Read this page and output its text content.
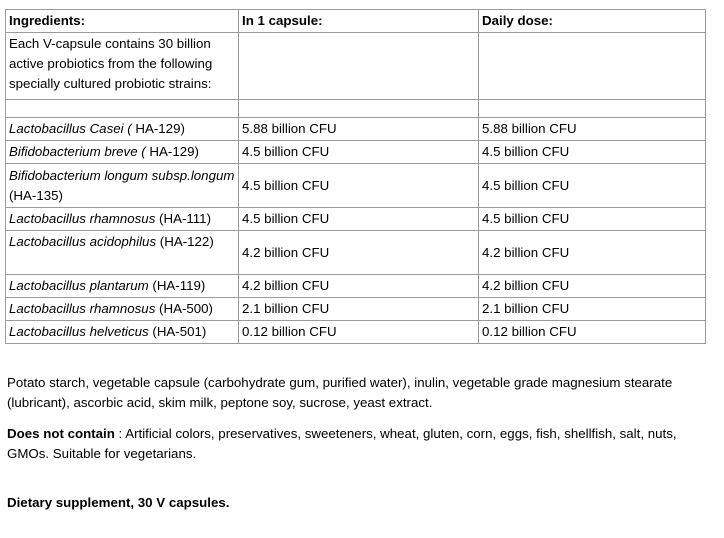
Ingredients:	In 1 capsule:	Daily dose:

Each V-capsule contains 30 billion active probiotics from the following specially cultured probiotic strains:		

Lactobacillus Casei ( HA-129)	5.88 billion CFU	5.88 billion CFU
Bifidobacterium breve ( HA-129)	4.5 billion CFU	4.5 billion CFU
Bifidobacterium longum subsp.longum (HA-135)	4.5 billion CFU	4.5 billion CFU
Lactobacillus rhamnosus (HA-111)	4.5 billion CFU	4.5 billion CFU
Lactobacillus acidophilus (HA-122)	4.2 billion CFU	4.2 billion CFU
Lactobacillus plantarum (HA-119)	4.2 billion CFU	4.2 billion CFU
Lactobacillus rhamnosus (HA-500)	2.1 billion CFU	2.1 billion CFU
Lactobacillus helveticus (HA-501)	0.12 billion CFU	0.12 billion CFU

Potato starch, vegetable capsule (carbohydrate gum, purified water), inulin, vegetable grade magnesium stearate (lubricant), ascorbic acid, skim milk, peptone soy, sucrose, yeast extract.

Does not contain : Artificial colors, preservatives, sweeteners, wheat, gluten, corn, eggs, fish, shellfish, salt, nuts, GMOs. Suitable for vegetarians.

Dietary supplement, 30 V capsules.
